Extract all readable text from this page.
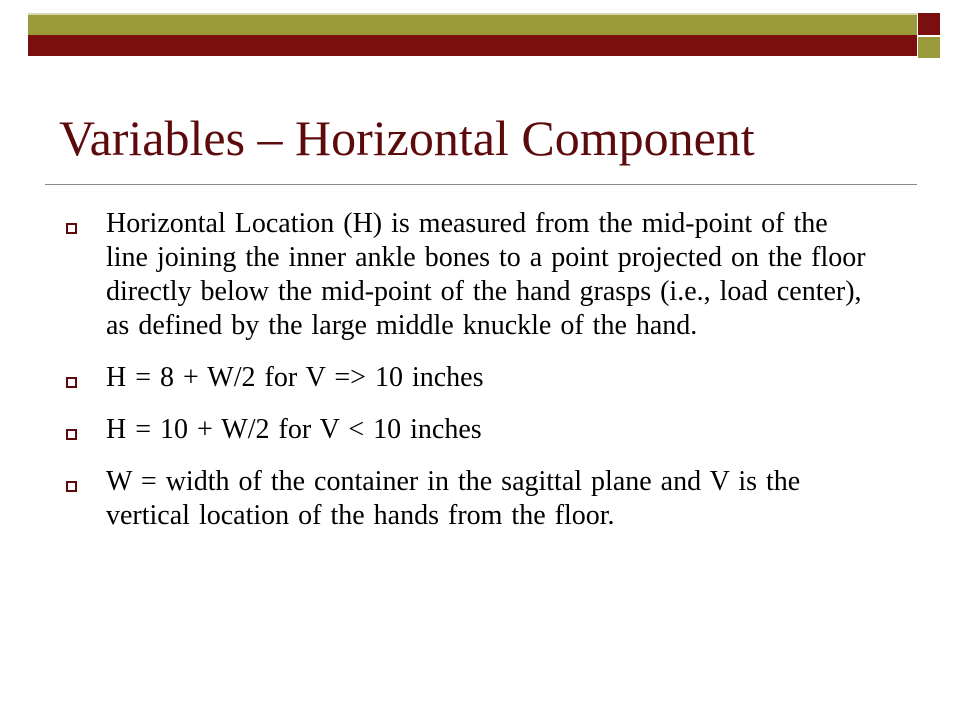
Variables – Horizontal Component
Horizontal Location (H) is measured from the mid-point of the line joining the inner ankle bones to a point projected on the floor directly below the mid-point of the hand grasps (i.e., load center), as defined by the large middle knuckle of the hand.
H = 8 + W/2 for V => 10 inches
H = 10 + W/2 for V < 10 inches
W = width of the container in the sagittal plane and V is the vertical location of the hands from the floor.
